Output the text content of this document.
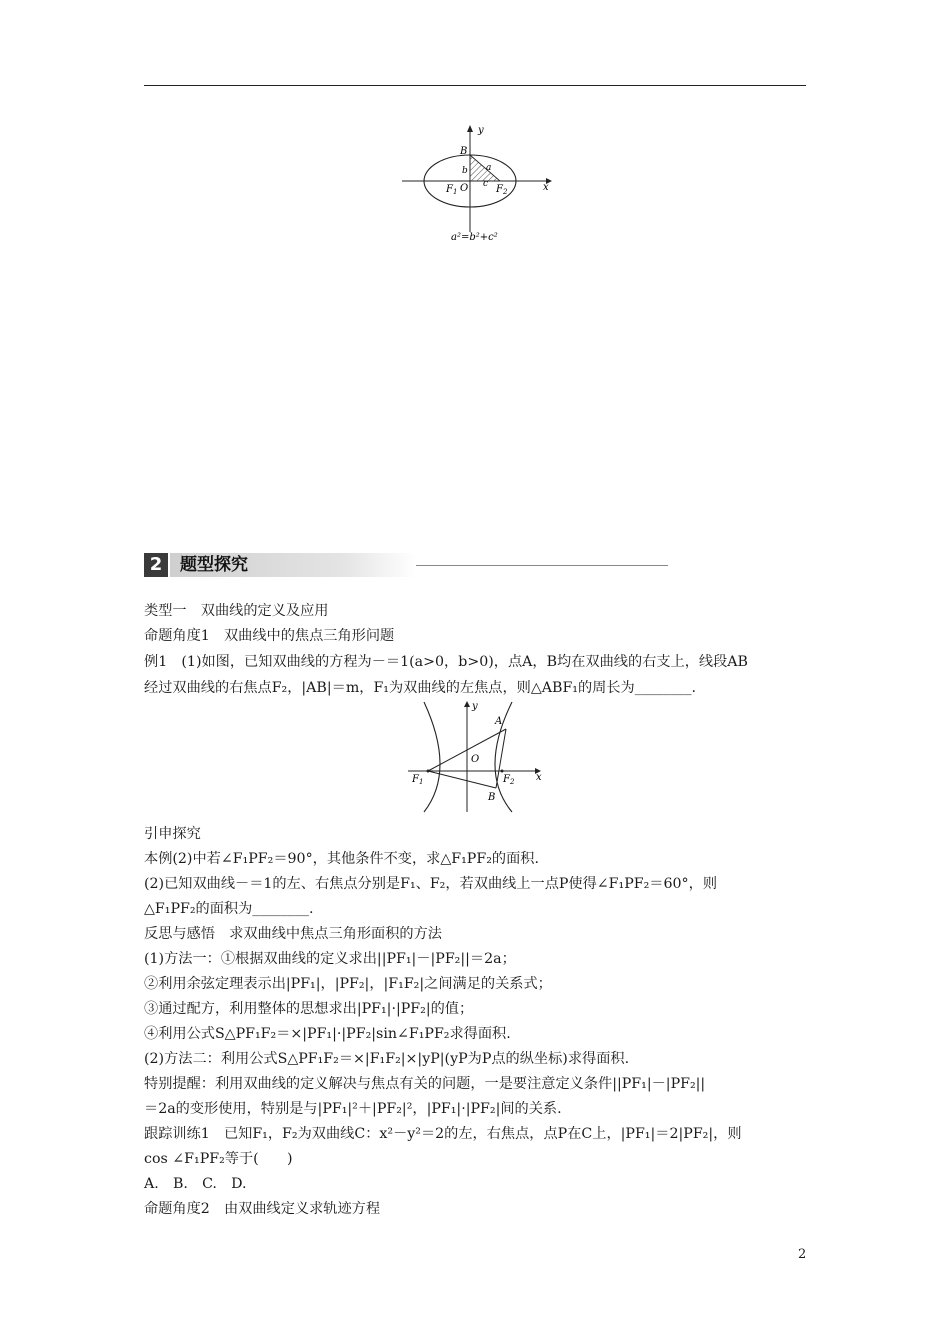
y
x
B
b a
c
O
$F_1$	$F_2$
a²=b²+c²
2	题型探究
类型一　双曲线的定义及应用
命题角度1　双曲线中的焦点三角形问题
例1　(1)如图，已知双曲线的方程为－＝1(a>0，b>0)，点A，B均在双曲线的右支上，线段AB
经过双曲线的右焦点F₂，|AB|＝m，F₁为双曲线的左焦点，则△ABF₁的周长为________.
y
x
A
B
O
$F_1$	$F_2$
引申探究
本例(2)中若∠F₁PF₂＝90°，其他条件不变，求△F₁PF₂的面积.
(2)已知双曲线－＝1的左、右焦点分别是F₁、F₂，若双曲线上一点P使得∠F₁PF₂＝60°，则
△F₁PF₂的面积为________.
反思与感悟　求双曲线中焦点三角形面积的方法
(1)方法一：①根据双曲线的定义求出||PF₁|－|PF₂||＝2a；
②利用余弦定理表示出|PF₁|，|PF₂|，|F₁F₂|之间满足的关系式；
③通过配方，利用整体的思想求出|PF₁|·|PF₂|的值；
④利用公式S△PF₁F₂＝×|PF₁|·|PF₂|sin∠F₁PF₂求得面积.
(2)方法二：利用公式S△PF₁F₂＝×|F₁F₂|×|yP|(yP为P点的纵坐标)求得面积.
特别提醒：利用双曲线的定义解决与焦点有关的问题，一是要注意定义条件||PF₁|－|PF₂||
＝2a的变形使用，特别是与|PF₁|²＋|PF₂|²，|PF₁|·|PF₂|间的关系.
跟踪训练1　已知F₁，F₂为双曲线C：x²－y²＝2的左，右焦点，点P在C上，|PF₁|＝2|PF₂|，则
cos ∠F₁PF₂等于(　　)
A.　B.　C.　D.
命题角度2　由双曲线定义求轨迹方程
2
